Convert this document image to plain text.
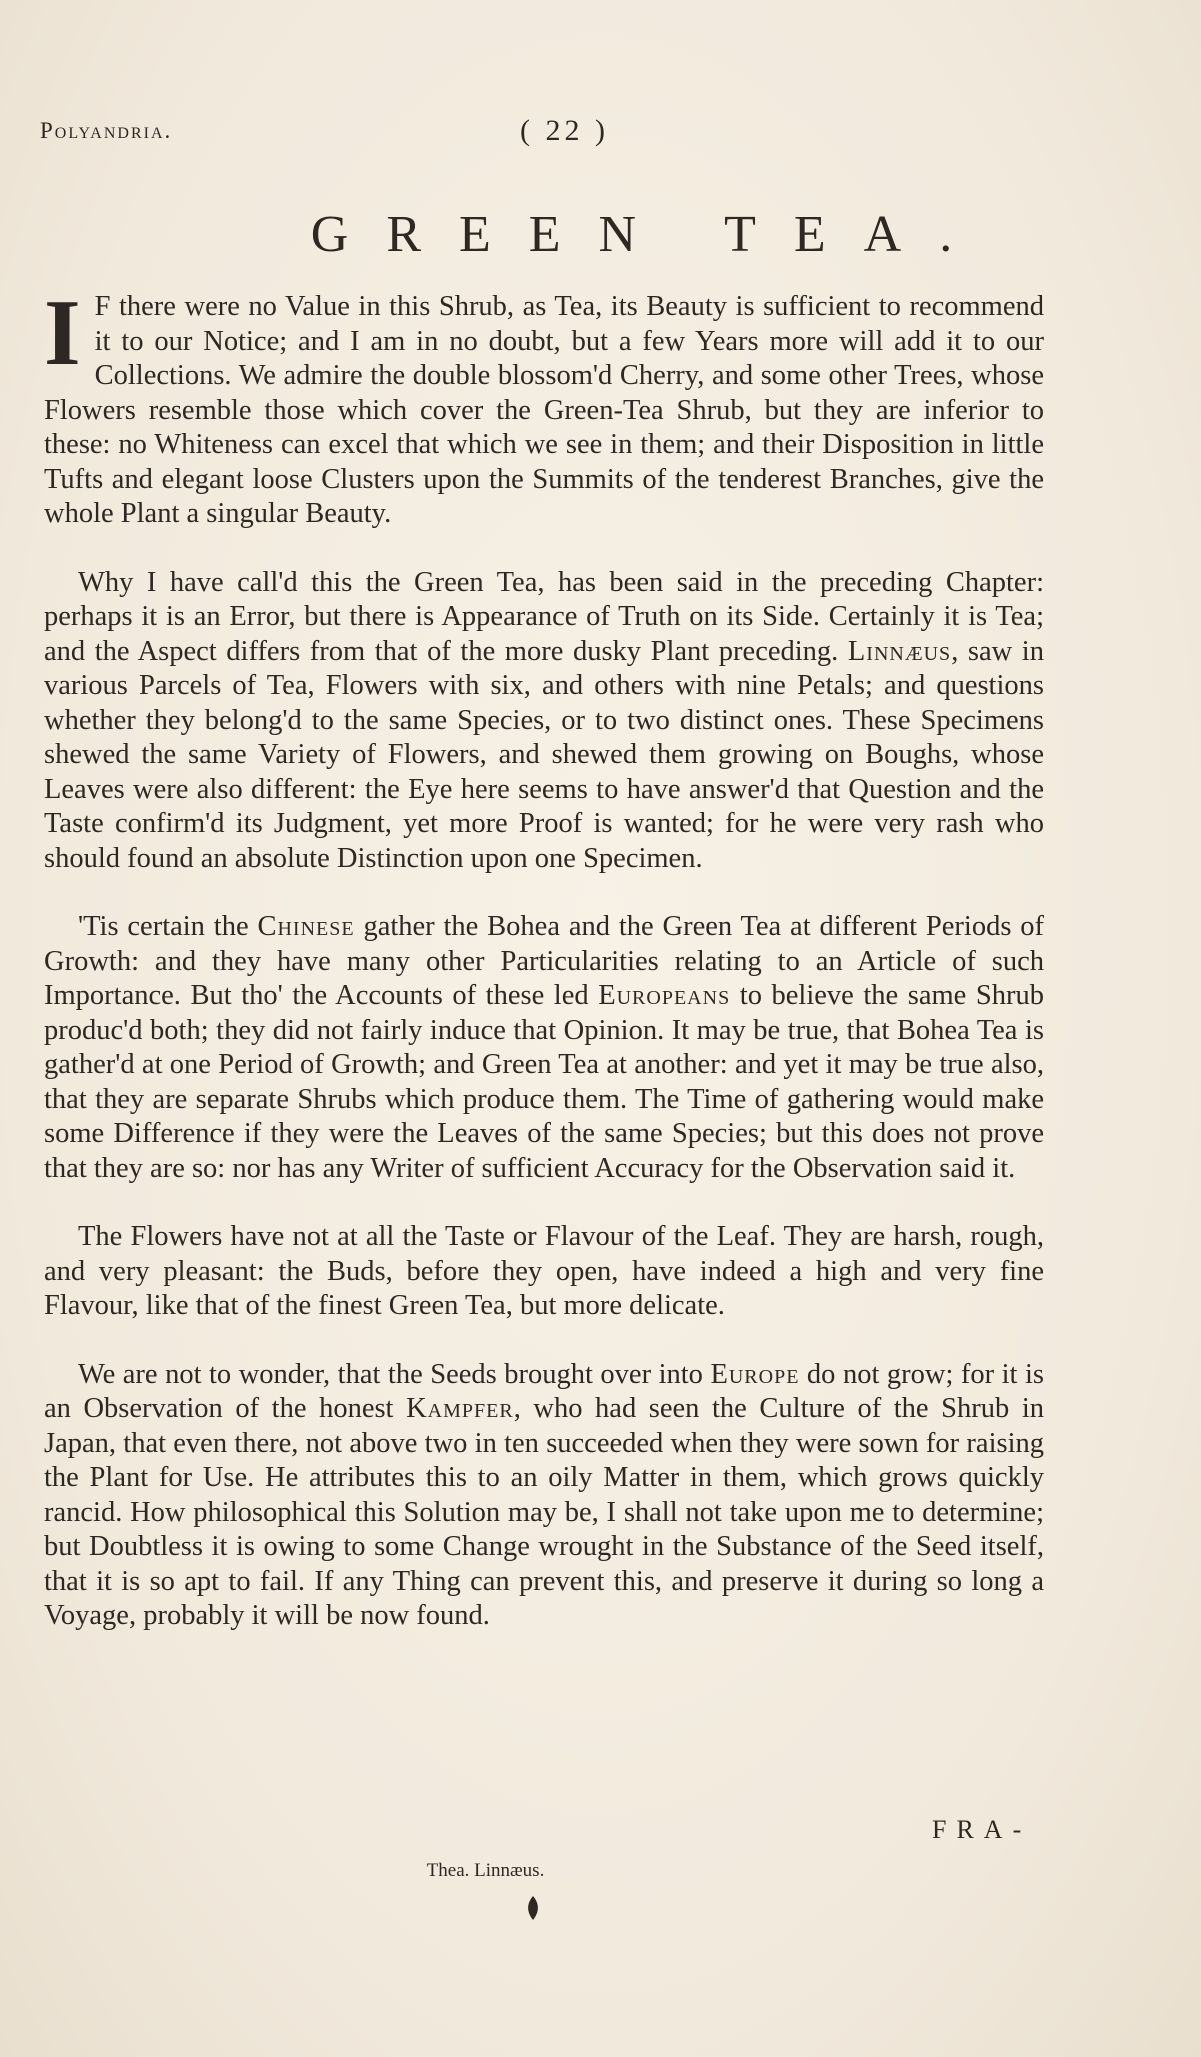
Polyandria.	( 22 )
GREEN TEA.

I F there were no Value in this Shrub, as Tea, its Beauty is sufficient to recommend it to our Notice; and I am in no doubt, but a few Years more will add it to our Collections. We admire the double blossom'd Cherry, and some other Trees, whose Flowers resemble those which cover the Green-Tea Shrub, but they are inferior to these: no Whiteness can excel that which we see in them; and their Disposition in little Tufts and elegant loose Clusters upon the Summits of the tenderest Branches, give the whole Plant a singular Beauty.

Why I have call'd this the Green Tea, has been said in the preceding Chapter: perhaps it is an Error, but there is Appearance of Truth on its Side. Certainly it is Tea; and the Aspect differs from that of the more dusky Plant preceding. Linnæus, saw in various Parcels of Tea, Flowers with six, and others with nine Petals; and questions whether they belong'd to the same Species, or to two distinct ones. These Specimens shewed the same Variety of Flowers, and shewed them growing on Boughs, whose Leaves were also different: the Eye here seems to have answer'd that Question and the Taste confirm'd its Judgment, yet more Proof is wanted; for he were very rash who should found an absolute Distinction upon one Specimen.

'Tis certain the Chinese gather the Bohea and the Green Tea at different Periods of Growth: and they have many other Particularities relating to an Article of such Importance. But tho' the Accounts of these led Europeans to believe the same Shrub produc'd both; they did not fairly induce that Opinion. It may be true, that Bohea Tea is gather'd at one Period of Growth; and Green Tea at another: and yet it may be true also, that they are separate Shrubs which produce them. The Time of gathering would make some Difference if they were the Leaves of the same Species; but this does not prove that they are so: nor has any Writer of sufficient Accuracy for the Observation said it.

The Flowers have not at all the Taste or Flavour of the Leaf. They are harsh, rough, and very pleasant: the Buds, before they open, have indeed a high and very fine Flavour, like that of the finest Green Tea, but more delicate.

We are not to wonder, that the Seeds brought over into Europe do not grow; for it is an Observation of the honest Kampfer, who had seen the Culture of the Shrub in Japan, that even there, not above two in ten succeeded when they were sown for raising the Plant for Use. He attributes this to an oily Matter in them, which grows quickly rancid. How philosophical this Solution may be, I shall not take upon me to determine; but Doubtless it is owing to some Change wrought in the Substance of the Seed itself, that it is so apt to fail. If any Thing can prevent this, and preserve it during so long a Voyage, probably it will be now found.

FRA-
Thea. Linnæus.
